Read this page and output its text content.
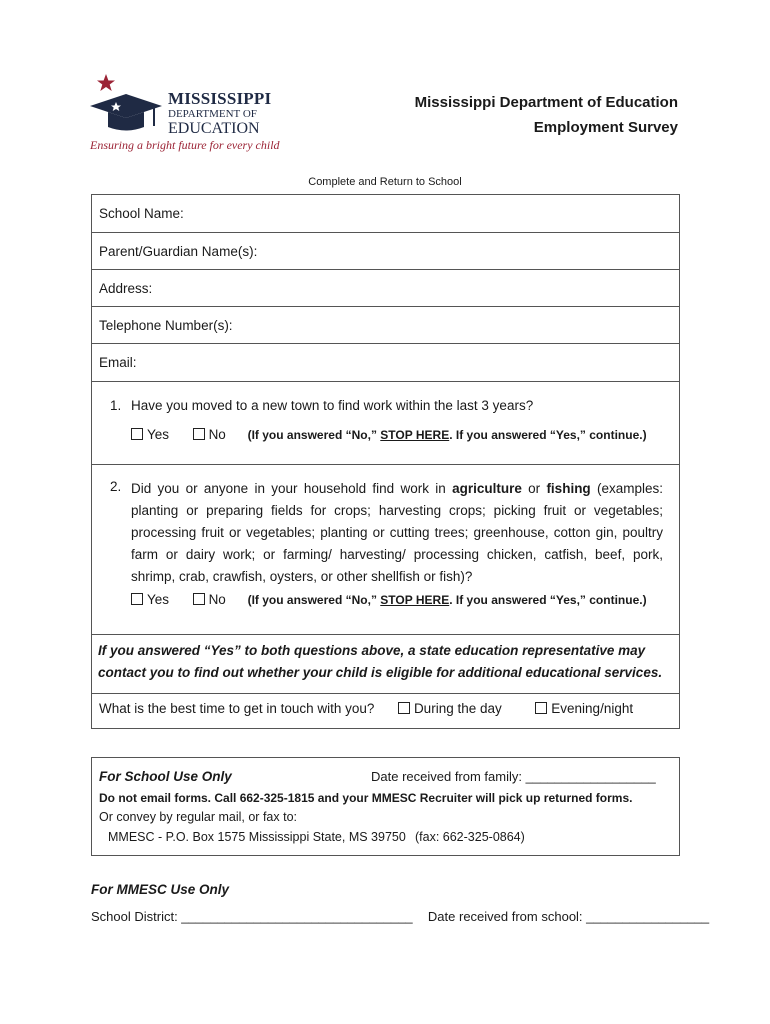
MISSISSIPPI
DEPARTMENT OF
EDUCATION
Ensuring a bright future for every child
Mississippi Department of Education
Employment Survey
Complete and Return to School
School Name:
Parent/Guardian Name(s):
Address:
Telephone Number(s):
Email:
1. Have you moved to a new town to find work within the last 3 years?
Yes	No (If you answered “No,” STOP HERE. If you answered “Yes,” continue.)
2. Did you or anyone in your household find work in agriculture or fishing (examples: planting or preparing fields for crops; harvesting crops; picking fruit or vegetables; processing fruit or vegetables; planting or cutting trees; greenhouse, cotton gin, poultry farm or dairy work; or farming/ harvesting/ processing chicken, catfish, beef, pork, shrimp, crab, crawfish, oysters, or other shellfish or fish)?
Yes	No (If you answered “No,” STOP HERE. If you answered “Yes,” continue.)
If you answered “Yes” to both questions above, a state education representative may contact you to find out whether your child is eligible for additional educational services.
What is the best time to get in touch with you?	During the day	Evening/night
For School Use Only	Date received from family: __________________
Do not email forms. Call 662-325-1815 and your MMESC Recruiter will pick up returned forms.
Or convey by regular mail, or fax to:
MMESC - P.O. Box 1575 Mississippi State, MS 39750 (fax: 662-325-0864)
For MMESC Use Only
School District: ________________________________ Date received from school: _________________
